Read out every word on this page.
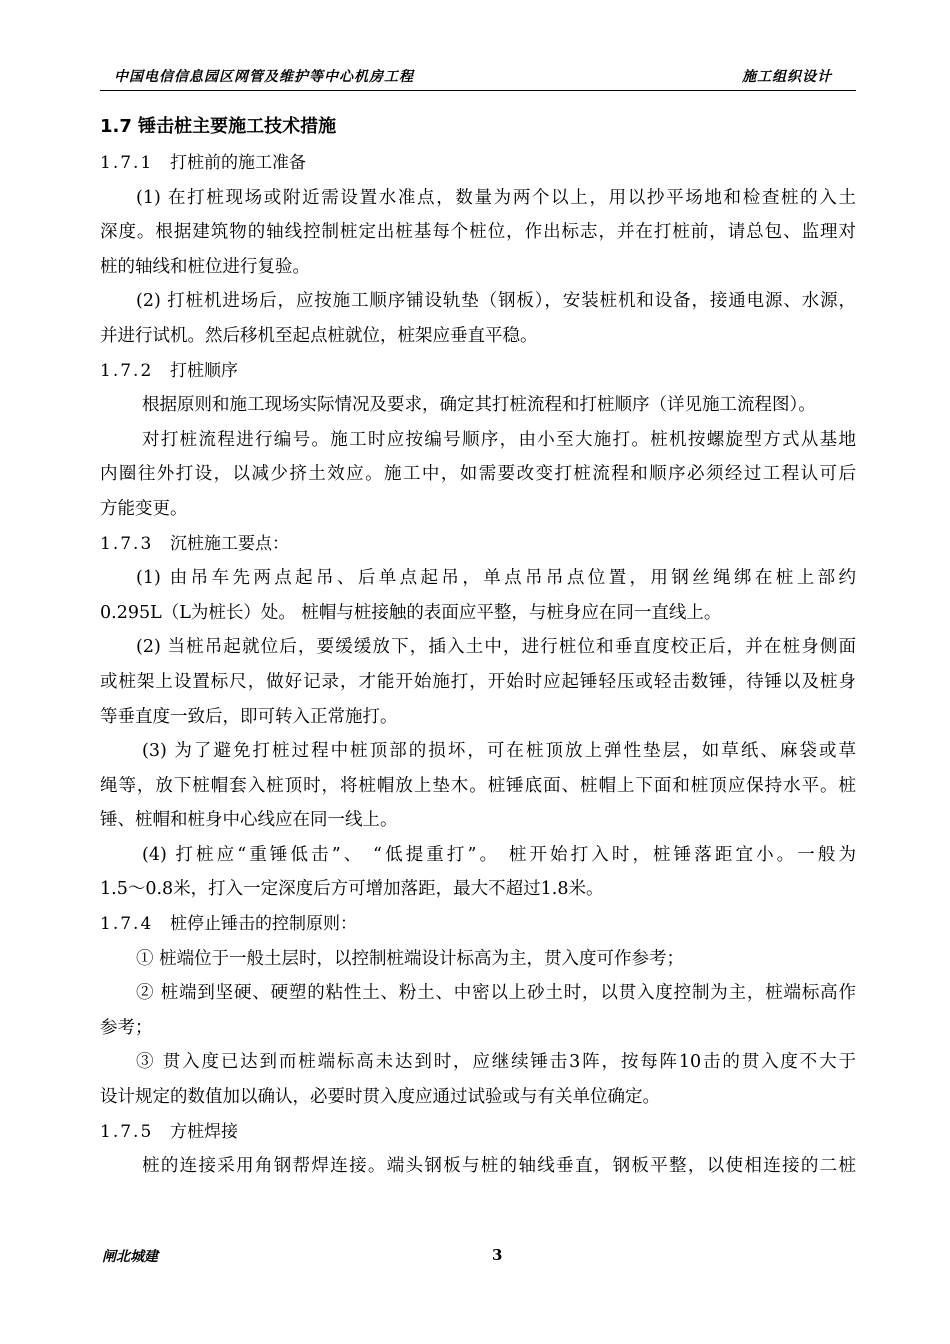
中国电信信息园区网管及维护等中心机房工程	施工组织设计
1.7 锤击桩主要施工技术措施
1.7.1 打桩前的施工准备
(1) 在打桩现场或附近需设置水准点，数量为两个以上，用以抄平场地和检查桩的入土
深度。根据建筑物的轴线控制桩定出桩基每个桩位，作出标志，并在打桩前，请总包、监理对
桩的轴线和桩位进行复验。
(2) 打桩机进场后，应按施工顺序铺设轨垫（钢板），安装桩机和设备，接通电源、水源，
并进行试机。然后移机至起点桩就位，桩架应垂直平稳。
1.7.2 打桩顺序
根据原则和施工现场实际情况及要求，确定其打桩流程和打桩顺序（详见施工流程图）。
对打桩流程进行编号。施工时应按编号顺序，由小至大施打。桩机按螺旋型方式从基地
内圈往外打设，以减少挤土效应。施工中，如需要改变打桩流程和顺序必须经过工程认可后
方能变更。
1.7.3 沉桩施工要点：
(1) 由吊车先两点起吊、后单点起吊，单点吊吊点位置，用钢丝绳绑在桩上部约
0.295L（L为桩长）处。 桩帽与桩接触的表面应平整，与桩身应在同一直线上。
(2) 当桩吊起就位后，要缓缓放下，插入土中，进行桩位和垂直度校正后，并在桩身侧面
或桩架上设置标尺，做好记录，才能开始施打，开始时应起锤轻压或轻击数锤，待锤以及桩身
等垂直度一致后，即可转入正常施打。
(3) 为了避免打桩过程中桩顶部的损坏，可在桩顶放上弹性垫层，如草纸、麻袋或草
绳等，放下桩帽套入桩顶时，将桩帽放上垫木。桩锤底面、桩帽上下面和桩顶应保持水平。桩
锤、桩帽和桩身中心线应在同一线上。
(4) 打桩应“重锤低击”、 “低提重打”。 桩开始打入时，桩锤落距宜小。一般为
1.5～0.8米，打入一定深度后方可增加落距，最大不超过1.8米。
1.7.4 桩停止锤击的控制原则：
① 桩端位于一般土层时，以控制桩端设计标高为主，贯入度可作参考；
② 桩端到坚硬、硬塑的粘性土、粉土、中密以上砂土时，以贯入度控制为主，桩端标高作
参考；
③ 贯入度已达到而桩端标高未达到时，应继续锤击3阵，按每阵10击的贯入度不大于
设计规定的数值加以确认，必要时贯入度应通过试验或与有关单位确定。
1.7.5 方桩焊接
桩的连接采用角钢帮焊连接。端头钢板与桩的轴线垂直，钢板平整，以使相连接的二桩
闸北城建	3
